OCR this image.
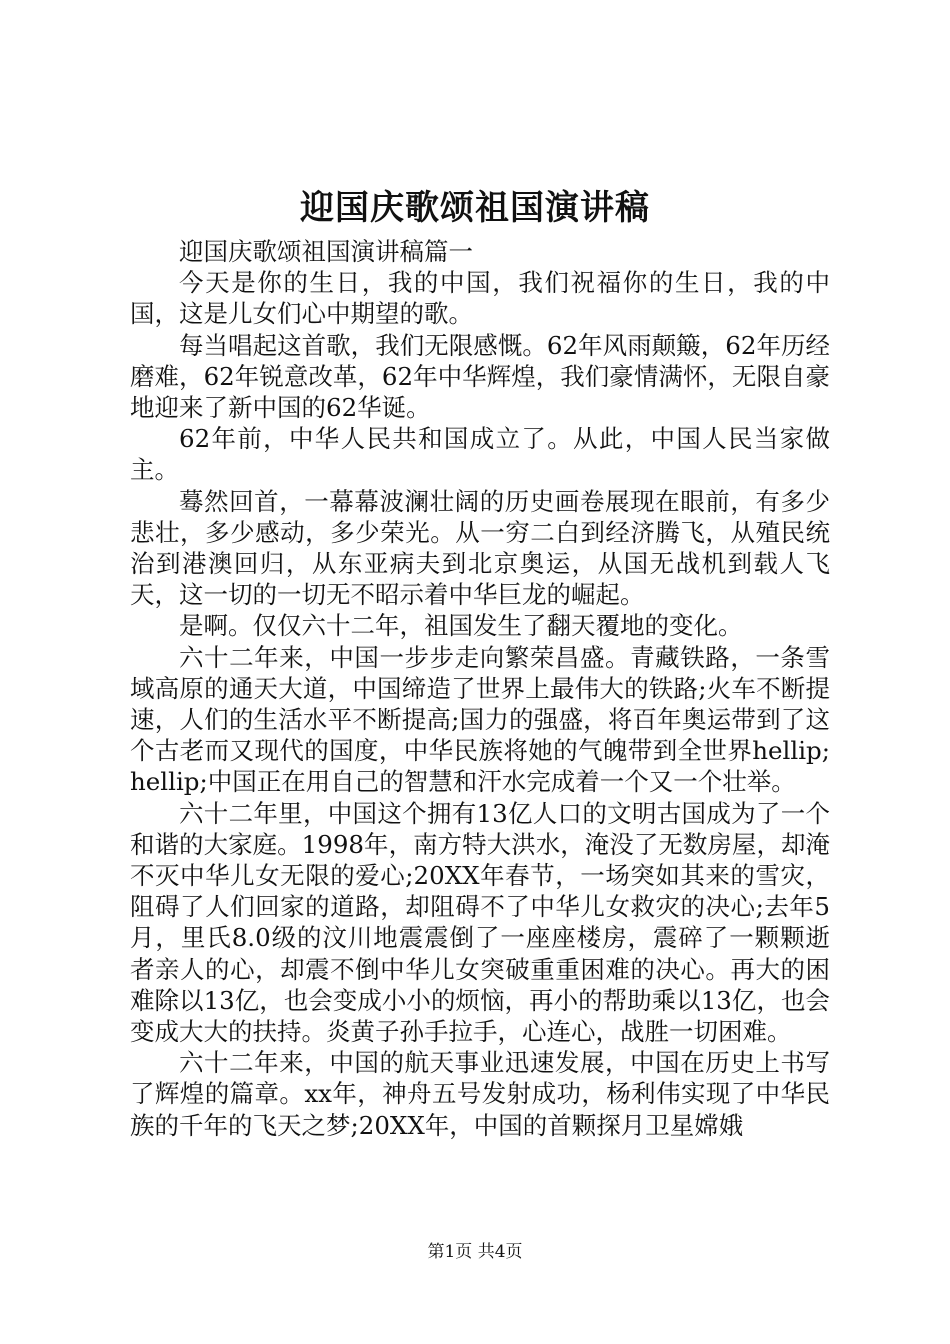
迎国庆歌颂祖国演讲稿

迎国庆歌颂祖国演讲稿篇一

今天是你的生日，我的中国，我们祝福你的生日，我的中国，这是儿女们心中期望的歌。

每当唱起这首歌，我们无限感慨。62年风雨颠簸，62年历经磨难，62年锐意改革，62年中华辉煌，我们豪情满怀，无限自豪地迎来了新中国的62华诞。

62年前，中华人民共和国成立了。从此，中国人民当家做主。

蓦然回首，一幕幕波澜壮阔的历史画卷展现在眼前，有多少悲壮，多少感动，多少荣光。从一穷二白到经济腾飞，从殖民统治到港澳回归，从东亚病夫到北京奥运，从国无战机到载人飞天，这一切的一切无不昭示着中华巨龙的崛起。

是啊。仅仅六十二年，祖国发生了翻天覆地的变化。

六十二年来，中国一步步走向繁荣昌盛。青藏铁路，一条雪域高原的通天大道，中国缔造了世界上最伟大的铁路;火车不断提速，人们的生活水平不断提高;国力的强盛，将百年奥运带到了这个古老而又现代的国度，中华民族将她的气魄带到全世界hellip;hellip;中国正在用自己的智慧和汗水完成着一个又一个壮举。

六十二年里，中国这个拥有13亿人口的文明古国成为了一个和谐的大家庭。1998年，南方特大洪水，淹没了无数房屋，却淹不灭中华儿女无限的爱心;20XX年春节，一场突如其来的雪灾，阻碍了人们回家的道路，却阻碍不了中华儿女救灾的决心;去年5月，里氏8.0级的汶川地震震倒了一座座楼房，震碎了一颗颗逝者亲人的心，却震不倒中华儿女突破重重困难的决心。再大的困难除以13亿，也会变成小小的烦恼，再小的帮助乘以13亿，也会变成大大的扶持。炎黄子孙手拉手，心连心，战胜一切困难。

六十二年来，中国的航天事业迅速发展，中国在历史上书写了辉煌的篇章。xx年，神舟五号发射成功，杨利伟实现了中华民族的千年的飞天之梦;20XX年，中国的首颗探月卫星嫦娥

第1页 共4页
